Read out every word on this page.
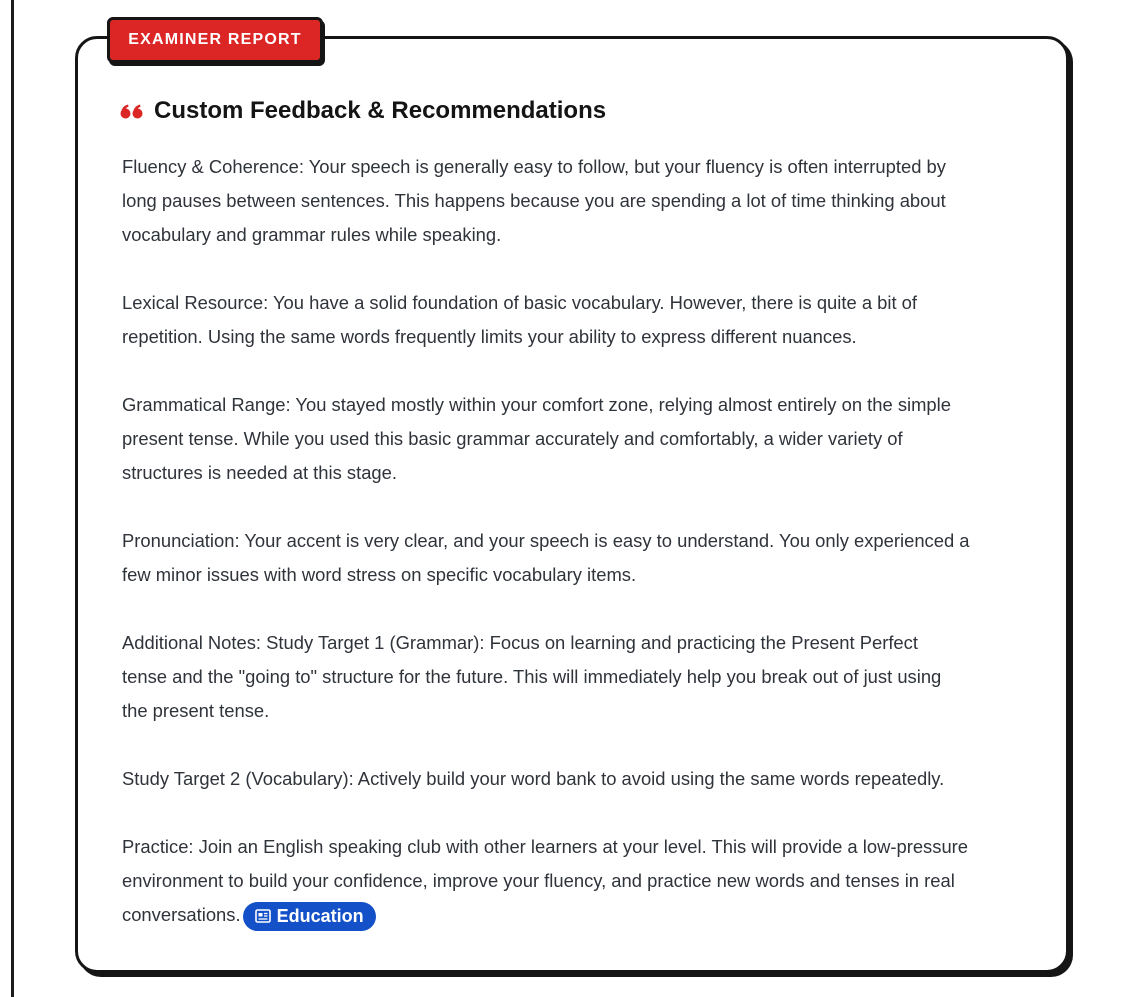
EXAMINER REPORT
Custom Feedback & Recommendations

Fluency & Coherence: Your speech is generally easy to follow, but your fluency is often interrupted by
long pauses between sentences. This happens because you are spending a lot of time thinking about
vocabulary and grammar rules while speaking.

Lexical Resource: You have a solid foundation of basic vocabulary. However, there is quite a bit of
repetition. Using the same words frequently limits your ability to express different nuances.

Grammatical Range: You stayed mostly within your comfort zone, relying almost entirely on the simple
present tense. While you used this basic grammar accurately and comfortably, a wider variety of
structures is needed at this stage.

Pronunciation: Your accent is very clear, and your speech is easy to understand. You only experienced a
few minor issues with word stress on specific vocabulary items.

Additional Notes: Study Target 1 (Grammar): Focus on learning and practicing the Present Perfect
tense and the "going to" structure for the future. This will immediately help you break out of just using
the present tense.

Study Target 2 (Vocabulary): Actively build your word bank to avoid using the same words repeatedly.

Practice: Join an English speaking club with other learners at your level. This will provide a low-pressure
environment to build your confidence, improve your fluency, and practice new words and tenses in real
conversations. Education
